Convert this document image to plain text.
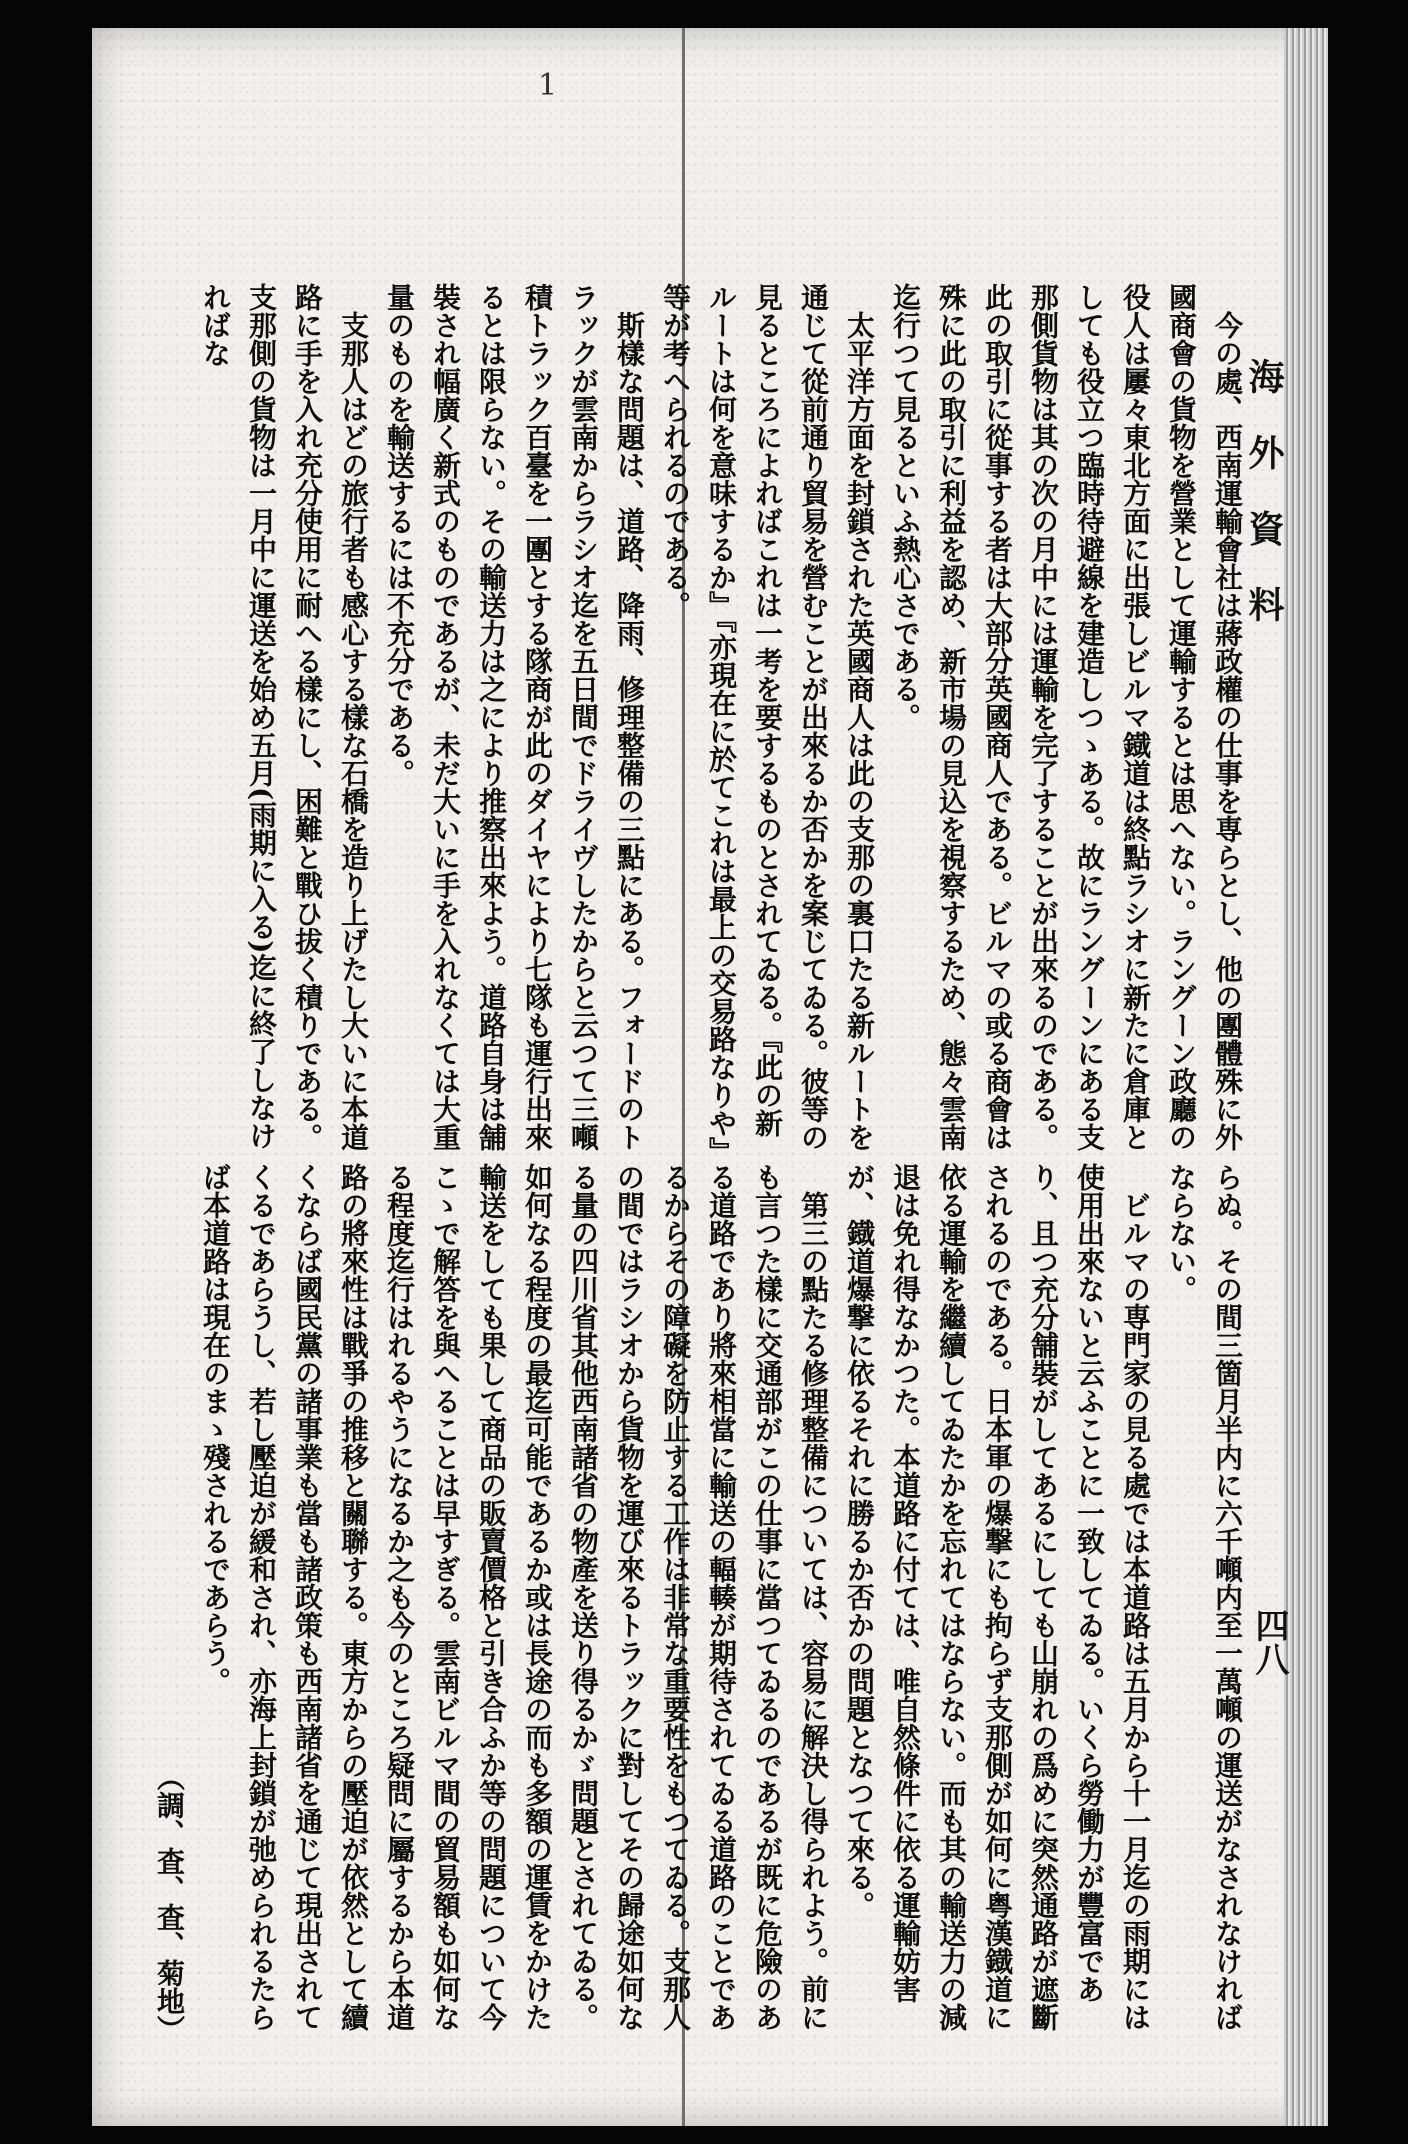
1
海外資料
四八

今の處、西南運輸會社は蔣政權の仕事を専らとし、他の團體殊に外國商會の貨物を營業として運輸するとは思へない。ラングーン政廳の役人は屢々東北方面に出張しビルマ鐡道は終點ラシオに新たに倉庫としても役立つ臨時待避線を建造しつゝある。故にラングーンにある支那側貨物は其の次の月中には運輸を完了することが出來るのである。此の取引に從事する者は大部分英國商人である。ビルマの或る商會は殊に此の取引に利益を認め、新市場の見込を視察するため、態々雲南迄行つて見るといふ熱心さである。

太平洋方面を封鎖された英國商人は此の支那の裏口たる新ルートを通じて從前通り貿易を營むことが出來るか否かを案じてゐる。彼等の見るところによればこれは一考を要するものとされてゐる。『此の新ルートは何を意味するか』『亦現在に於てこれは最上の交易路なりや』等が考へられるのである。

斯樣な問題は、道路、降雨、修理整備の三點にある。フォードのトラックが雲南からラシオ迄を五日間でドライヴしたからと云つて三噸積トラック百臺を一團とする隊商が此のダイヤにより七隊も運行出來るとは限らない。その輸送力は之により推察出來よう。道路自身は舗裝され幅廣く新式のものであるが、未だ大いに手を入れなくては大重量のものを輸送するには不充分である。

支那人はどの旅行者も感心する樣な石橋を造り上げたし大いに本道路に手を入れ充分使用に耐へる樣にし、困難と戰ひ拔く積りである。支那側の貨物は一月中に運送を始め五月(雨期に入る)迄に終了しなければな

らぬ。その間三箇月半内に六千噸内至一萬噸の運送がなされなければならない。

ビルマの専門家の見る處では本道路は五月から十一月迄の雨期には使用出來ないと云ふことに一致してゐる。いくら勞働力が豐富であり、且つ充分舗裝がしてあるにしても山崩れの爲めに突然通路が遮斷されるのである。日本軍の爆撃にも拘らず支那側が如何に粤漢鐡道に依る運輸を繼續してゐたかを忘れてはならない。而も其の輸送力の減退は免れ得なかつた。本道路に付ては、唯自然條件に依る運輸妨害が、鐡道爆撃に依るそれに勝るか否かの問題となつて來る。

第三の點たる修理整備については、容易に解決し得られよう。前にも言つた樣に交通部がこの仕事に當つてゐるのであるが既に危險のある道路であり將來相當に輸送の輻輳が期待されてゐる道路のことであるからその障礙を防止する工作は非常な重要性をもつてゐる。支那人の間ではラシオから貨物を運び來るトラックに對してその歸途如何なる量の四川省其他西南諸省の物產を送り得るかゞ問題とされてゐる。如何なる程度の最迄可能であるか或は長途の而も多額の運賃をかけた輸送をしても果して商品の販賣價格と引き合ふか等の問題について今こゝで解答を與へることは早すぎる。雲南ビルマ間の貿易額も如何なる程度迄行はれるやうになるか之も今のところ疑問に屬するから本道路の將來性は戰爭の推移と關聯する。東方からの壓迫が依然として續くならば國民黨の諸事業も當も諸政策も西南諸省を通じて現出されてくるであらうし、若し壓迫が緩和され、亦海上封鎖が弛められるたらば本道路は現在のまゝ殘されるであらう。

（調、査、査、菊地）
